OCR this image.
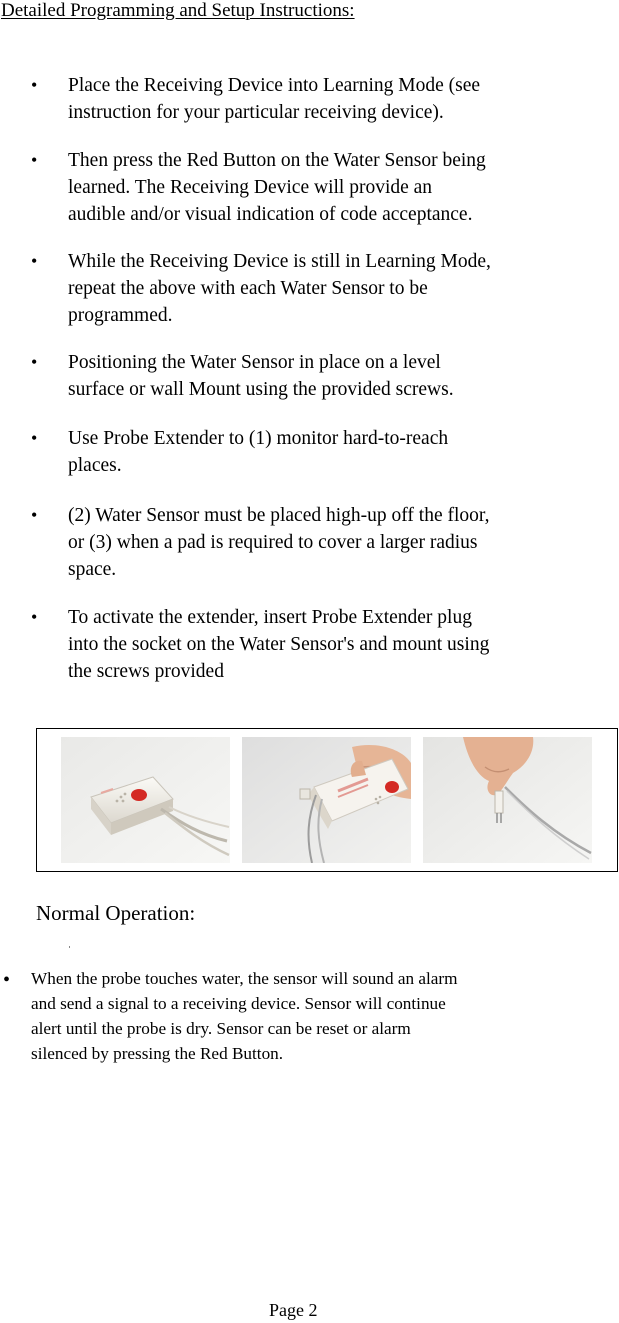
Detailed Programming and Setup Instructions:
• Place the Receiving Device into Learning Mode (see
instruction for your particular receiving device).
• Then press the Red Button on the Water Sensor being
learned. The Receiving Device will provide an
audible and/or visual indication of code acceptance.
• While the Receiving Device is still in Learning Mode,
repeat the above with each Water Sensor to be
programmed.
• Positioning the Water Sensor in place on a level
surface or wall Mount using the provided screws.
• Use Probe Extender to (1) monitor hard-to-reach
places.
• (2) Water Sensor must be placed high-up off the floor,
or (3) when a pad is required to cover a larger radius
space.
• To activate the extender, insert Probe Extender plug
into the socket on the Water Sensor's and mount using
the screws provided
Normal Operation:
• When the probe touches water, the sensor will sound an alarm
and send a signal to a receiving device. Sensor will continue
alert until the probe is dry. Sensor can be reset or alarm
silenced by pressing the Red Button.

Page 2
